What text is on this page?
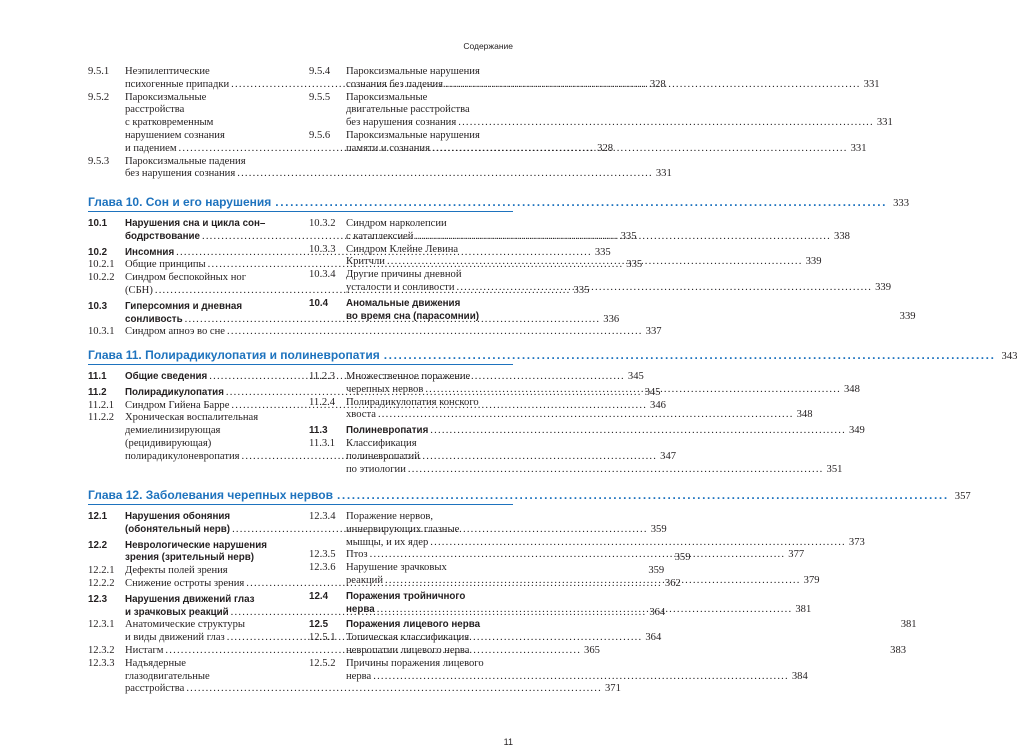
Содержание
9.5.1	Неэпилептические
психогенные припадки .....	328
9.5.2	Пароксизмальные
расстройства
с кратковременным
нарушением сознания
и падением .....	328
9.5.3	Пароксизмальные падения
без нарушения сознания .....	331
9.5.4	Пароксизмальные нарушения
сознания без падения .....	331
9.5.5	Пароксизмальные
двигательные расстройства
без нарушения сознания .....	331
9.5.6	Пароксизмальные нарушения
памяти и сознания .....	331
Глава 10. Сон и его нарушения .....	333
10.1	Нарушения сна и цикла сон–
бодрствование .....	335
10.2	Инсомния .....	335
10.2.1 Общие принципы .....	335
10.2.2 Синдром беспокойных ног
(СБН) .....	335
10.3	Гиперсомния и дневная
сонливость .....	336
10.3.1 Синдром апноэ во сне .....	337
10.3.2 Синдром нарколепсии
с катаплексией .....	338
10.3.3 Синдром Клейне Левина
Критчли .....	339
10.3.4 Другие причины дневной
усталости и сонливости .....	339
10.4	Аномальные движения
во время сна (парасомнии)	339
Глава 11. Полирадикулопатия и полиневропатия .....	343
11.1	Общие сведения .....	345
11.2	Полирадикулопатия .....	345
11.2.1	Синдром Гийена Барре .....	346
11.2.2	Хроническая воспалительная
демиелинизирующая
(рецидивирующая)
полирадикулоневропатия .....	347
11.2.3	Множественное поражение
черепных нервов .....	348
11.2.4	Полирадикулопатия конского
хвоста .....	348
11.3	Полиневропатия .....	349
11.3.1	Классификация
полиневропатий
по этиологии .....	351
Глава 12. Заболевания черепных нервов .....	357
12.1	Нарушения обоняния
(обонятельный нерв) .....	359
12.2	Неврологические нарушения
зрения (зрительный нерв)	359
12.2.1 Дефекты полей зрения	359
12.2.2 Снижение остроты зрения .....	362
12.3	Нарушения движений глаз
и зрачковых реакций .....	364
12.3.1 Анатомические структуры
и виды движений глаз .....	364
12.3.2 Нистагм .....	365
12.3.3 Надъядерные
глазодвигательные
расстройства .....	371
12.3.4 Поражение нервов,
иннервирующих глазные
мышцы, и их ядер .....	373
12.3.5 Птоз .....	377
12.3.6 Нарушение зрачковых
реакций .....	379
12.4	Поражения тройничного
нерва .....	381
12.5	Поражения лицевого нерва	381
12.5.1 Топическая классификация
невропатии лицевого нерва	383
12.5.2 Причины поражения лицевого
нерва .....	384
11
